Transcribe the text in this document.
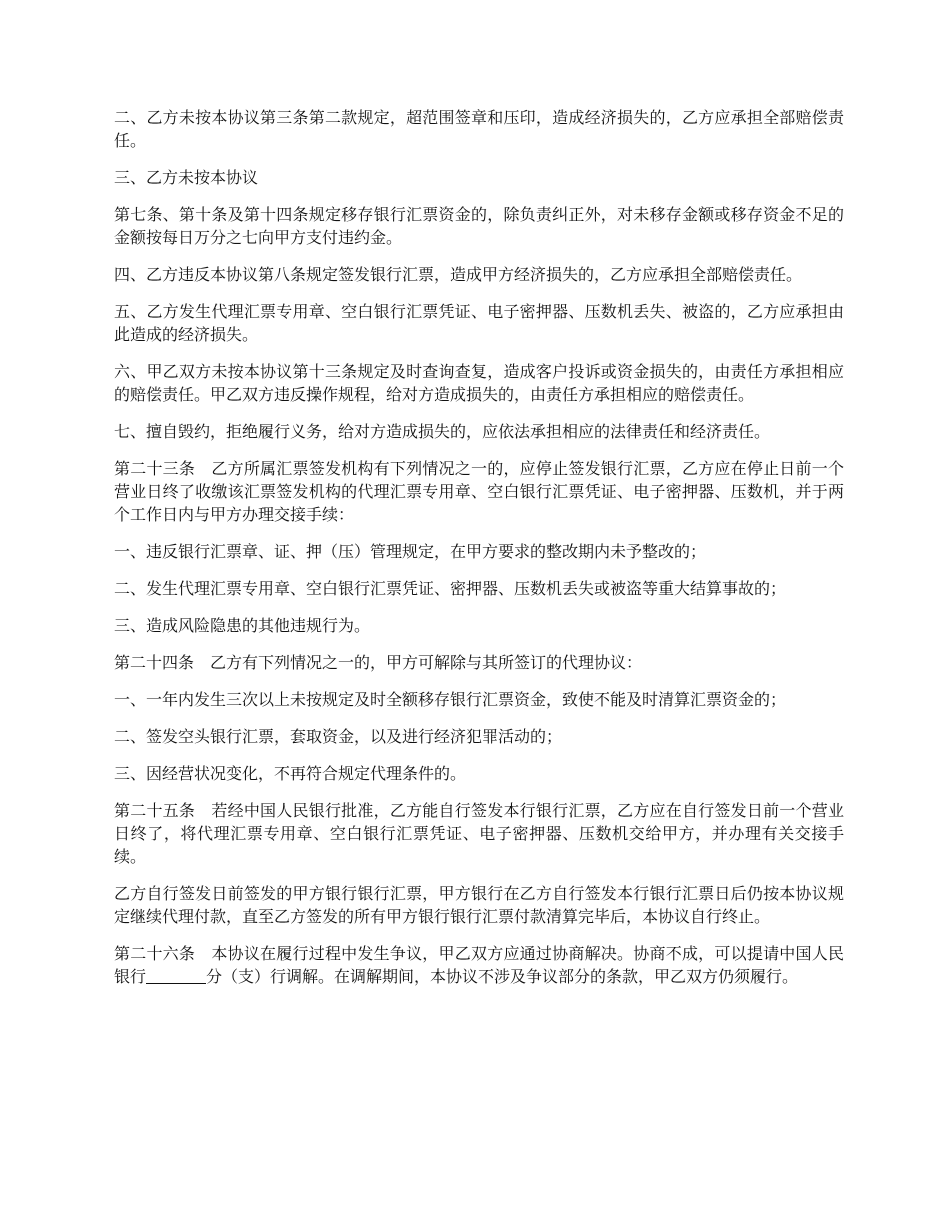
二、乙方未按本协议第三条第二款规定，超范围签章和压印，造成经济损失的，乙方应承担全部赔偿责任。

三、乙方未按本协议

第七条、第十条及第十四条规定移存银行汇票资金的，除负责纠正外，对未移存金额或移存资金不足的金额按每日万分之七向甲方支付违约金。

四、乙方违反本协议第八条规定签发银行汇票，造成甲方经济损失的，乙方应承担全部赔偿责任。

五、乙方发生代理汇票专用章、空白银行汇票凭证、电子密押器、压数机丢失、被盗的，乙方应承担由此造成的经济损失。

六、甲乙双方未按本协议第十三条规定及时查询查复，造成客户投诉或资金损失的，由责任方承担相应的赔偿责任。甲乙双方违反操作规程，给对方造成损失的，由责任方承担相应的赔偿责任。

七、擅自毁约，拒绝履行义务，给对方造成损失的，应依法承担相应的法律责任和经济责任。

第二十三条　乙方所属汇票签发机构有下列情况之一的，应停止签发银行汇票，乙方应在停止日前一个营业日终了收缴该汇票签发机构的代理汇票专用章、空白银行汇票凭证、电子密押器、压数机，并于两个工作日内与甲方办理交接手续：

一、违反银行汇票章、证、押（压）管理规定，在甲方要求的整改期内未予整改的；

二、发生代理汇票专用章、空白银行汇票凭证、密押器、压数机丢失或被盗等重大结算事故的；

三、造成风险隐患的其他违规行为。

第二十四条　乙方有下列情况之一的，甲方可解除与其所签订的代理协议：

一、一年内发生三次以上未按规定及时全额移存银行汇票资金，致使不能及时清算汇票资金的；

二、签发空头银行汇票，套取资金，以及进行经济犯罪活动的；

三、因经营状况变化，不再符合规定代理条件的。

第二十五条　若经中国人民银行批准，乙方能自行签发本行银行汇票，乙方应在自行签发日前一个营业日终了，将代理汇票专用章、空白银行汇票凭证、电子密押器、压数机交给甲方，并办理有关交接手续。

乙方自行签发日前签发的甲方银行银行汇票，甲方银行在乙方自行签发本行银行汇票日后仍按本协议规定继续代理付款，直至乙方签发的所有甲方银行银行汇票付款清算完毕后，本协议自行终止。

第二十六条　本协议在履行过程中发生争议，甲乙双方应通过协商解决。协商不成，可以提请中国人民银行	分（支）行调解。在调解期间，本协议不涉及争议部分的条款，甲乙双方仍须履行。
